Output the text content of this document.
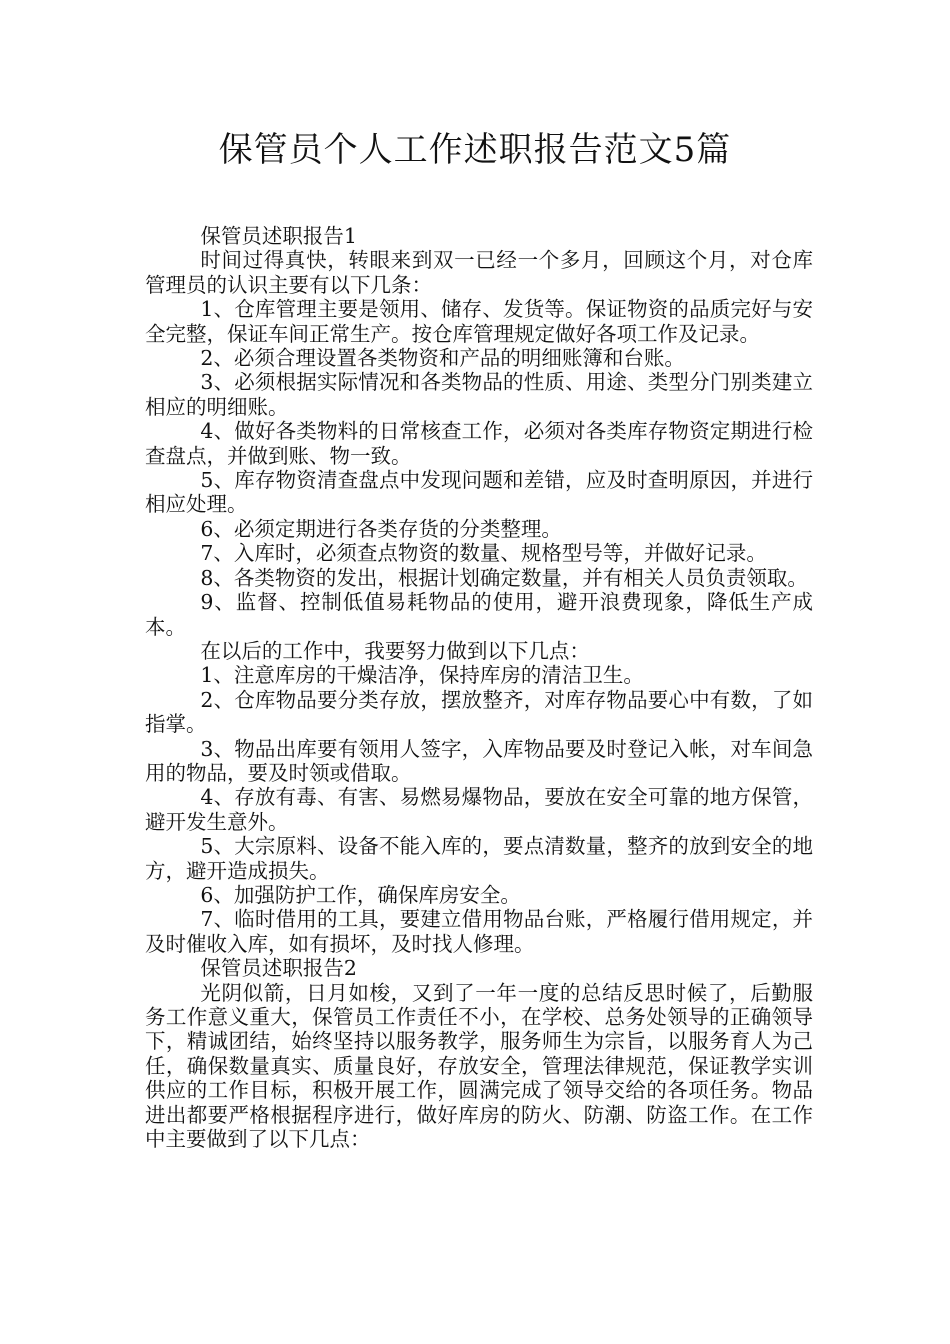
保管员个人工作述职报告范文5篇

保管员述职报告1

时间过得真快，转眼来到双一已经一个多月，回顾这个月，对仓库管理员的认识主要有以下几条：

1、仓库管理主要是领用、储存、发货等。保证物资的品质完好与安全完整，保证车间正常生产。按仓库管理规定做好各项工作及记录。

2、必须合理设置各类物资和产品的明细账簿和台账。

3、必须根据实际情况和各类物品的性质、用途、类型分门别类建立相应的明细账。

4、做好各类物料的日常核查工作，必须对各类库存物资定期进行检查盘点，并做到账、物一致。

5、库存物资清查盘点中发现问题和差错，应及时查明原因，并进行相应处理。

6、必须定期进行各类存货的分类整理。

7、入库时，必须查点物资的数量、规格型号等，并做好记录。

8、各类物资的发出，根据计划确定数量，并有相关人员负责领取。

9、监督、控制低值易耗物品的使用，避开浪费现象，降低生产成本。

在以后的工作中，我要努力做到以下几点：

1、注意库房的干燥洁净，保持库房的清洁卫生。

2、仓库物品要分类存放，摆放整齐，对库存物品要心中有数，了如指掌。

3、物品出库要有领用人签字，入库物品要及时登记入帐，对车间急用的物品，要及时领或借取。

4、存放有毒、有害、易燃易爆物品，要放在安全可靠的地方保管，避开发生意外。

5、大宗原料、设备不能入库的，要点清数量，整齐的放到安全的地方，避开造成损失。

6、加强防护工作，确保库房安全。

7、临时借用的工具，要建立借用物品台账，严格履行借用规定，并及时催收入库，如有损坏，及时找人修理。

保管员述职报告2

光阴似箭，日月如梭，又到了一年一度的总结反思时候了，后勤服务工作意义重大，保管员工作责任不小，在学校、总务处领导的正确领导下，精诚团结，始终坚持以服务教学，服务师生为宗旨，以服务育人为己任，确保数量真实、质量良好，存放安全，管理法律规范，保证教学实训供应的工作目标，积极开展工作，圆满完成了领导交给的各项任务。物品进出都要严格根据程序进行，做好库房的防火、防潮、防盗工作。在工作中主要做到了以下几点：
